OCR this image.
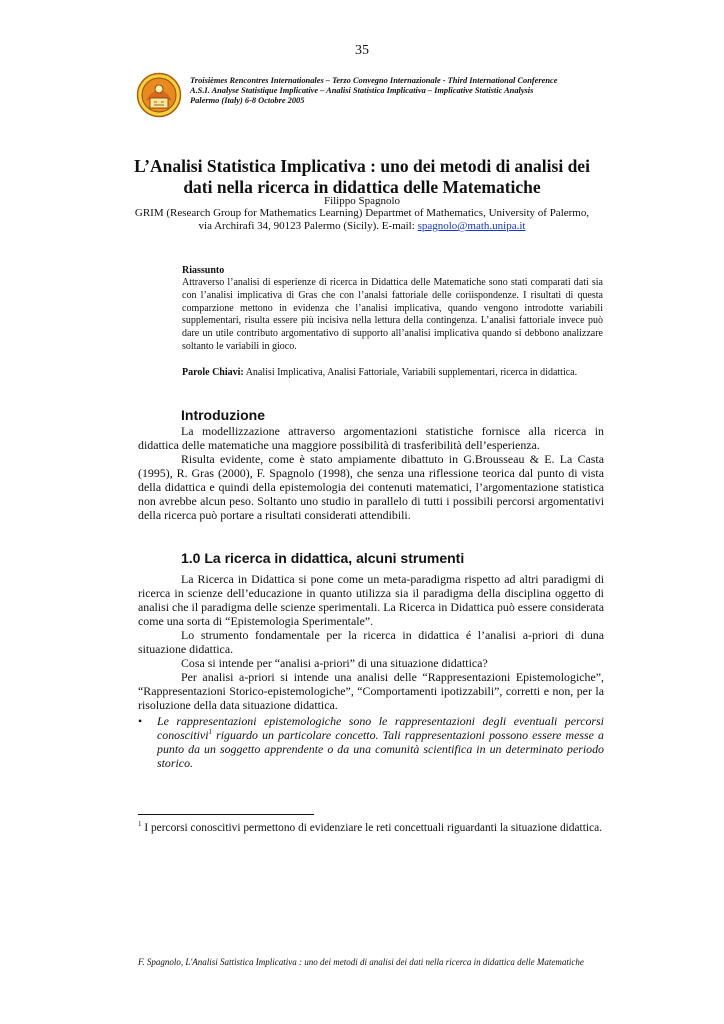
35
Troisièmes Rencontres Internationales – Terzo Convegno Internazionale - Third International Conference
A.S.I. Analyse Statistique Implicative – Analisi Statistica Implicativa – Implicative Statistic Analysis
Palermo (Italy) 6-8 Octobre 2005
L’Analisi Statistica Implicativa : uno dei metodi di analisi dei
dati nella ricerca in didattica delle Matematiche
Filippo Spagnolo
GRIM (Research Group for Mathematics Learning) Departmet of Mathematics, University of Palermo,
via Archirafi 34, 90123 Palermo (Sicily). E-mail: spagnolo@math.unipa.it
Riassunto
Attraverso l’analisi di esperienze di ricerca in Didattica delle Matematiche sono stati comparati dati sia con l’analisi implicativa di Gras che con l’analsi fattoriale delle coriispondenze. I risultati di questa comparzione mettono in evidenza che l’analisi implicativa, quando vengono introdotte variabili supplementari, risulta essere più incisiva nella lettura della contingenza. L’analisi fattoriale invece può dare un utile contributo argomentativo di supporto all’analisi implicativa quando si debbono analizzare soltanto le variabili in gioco.
Parole Chiavi: Analisi Implicativa, Analisi Fattoriale, Variabili supplementari, ricerca in didattica.
Introduzione

La modellizzazione attraverso argomentazioni statistiche fornisce alla ricerca in didattica delle matematiche una maggiore possibilità di trasferibilità dell’esperienza.

Risulta evidente, come è stato ampiamente dibattuto in G.Brousseau & E. La Casta (1995), R. Gras (2000), F. Spagnolo (1998), che senza una riflessione teorica dal punto di vista della didattica e quindi della epistemologia dei contenuti matematici, l’argomentazione statistica non avrebbe alcun peso. Soltanto uno studio in parallelo di tutti i possibili percorsi argomentativi della ricerca può portare a risultati considerati attendibili.

1.0 La ricerca in didattica, alcuni strumenti

La Ricerca in Didattica si pone come un meta-paradigma rispetto ad altri paradigmi di ricerca in scienze dell’educazione in quanto utilizza sia il paradigma della disciplina oggetto di analisi che il paradigma delle scienze sperimentali. La Ricerca in Didattica può essere considerata come una sorta di “Epistemologia Sperimentale”.

Lo strumento fondamentale per la ricerca in didattica é l’analisi a-priori di duna situazione didattica.

Cosa si intende per “analisi a-priori” di una situazione didattica?

Per analisi a-priori si intende una analisi delle “Rappresentazioni Epistemologiche”, “Rappresentazioni Storico-epistemologiche”, “Comportamenti ipotizzabili”, corretti e non, per la risoluzione della data situazione didattica.

• Le rappresentazioni epistemologiche sono le rappresentazioni degli eventuali percorsi conoscitivi$^1$ riguardo un particolare concetto. Tali rappresentazioni possono essere messe a punto da un soggetto apprendente o da una comunità scientifica in un determinato periodo storico.
$^1$ I percorsi conoscitivi permettono di evidenziare le reti concettuali riguardanti la situazione didattica.
F. Spagnolo, L'Analisi Sattistica Implicativa : uno dei metodi di analisi dei dati nella ricerca in didattica delle Matematiche
